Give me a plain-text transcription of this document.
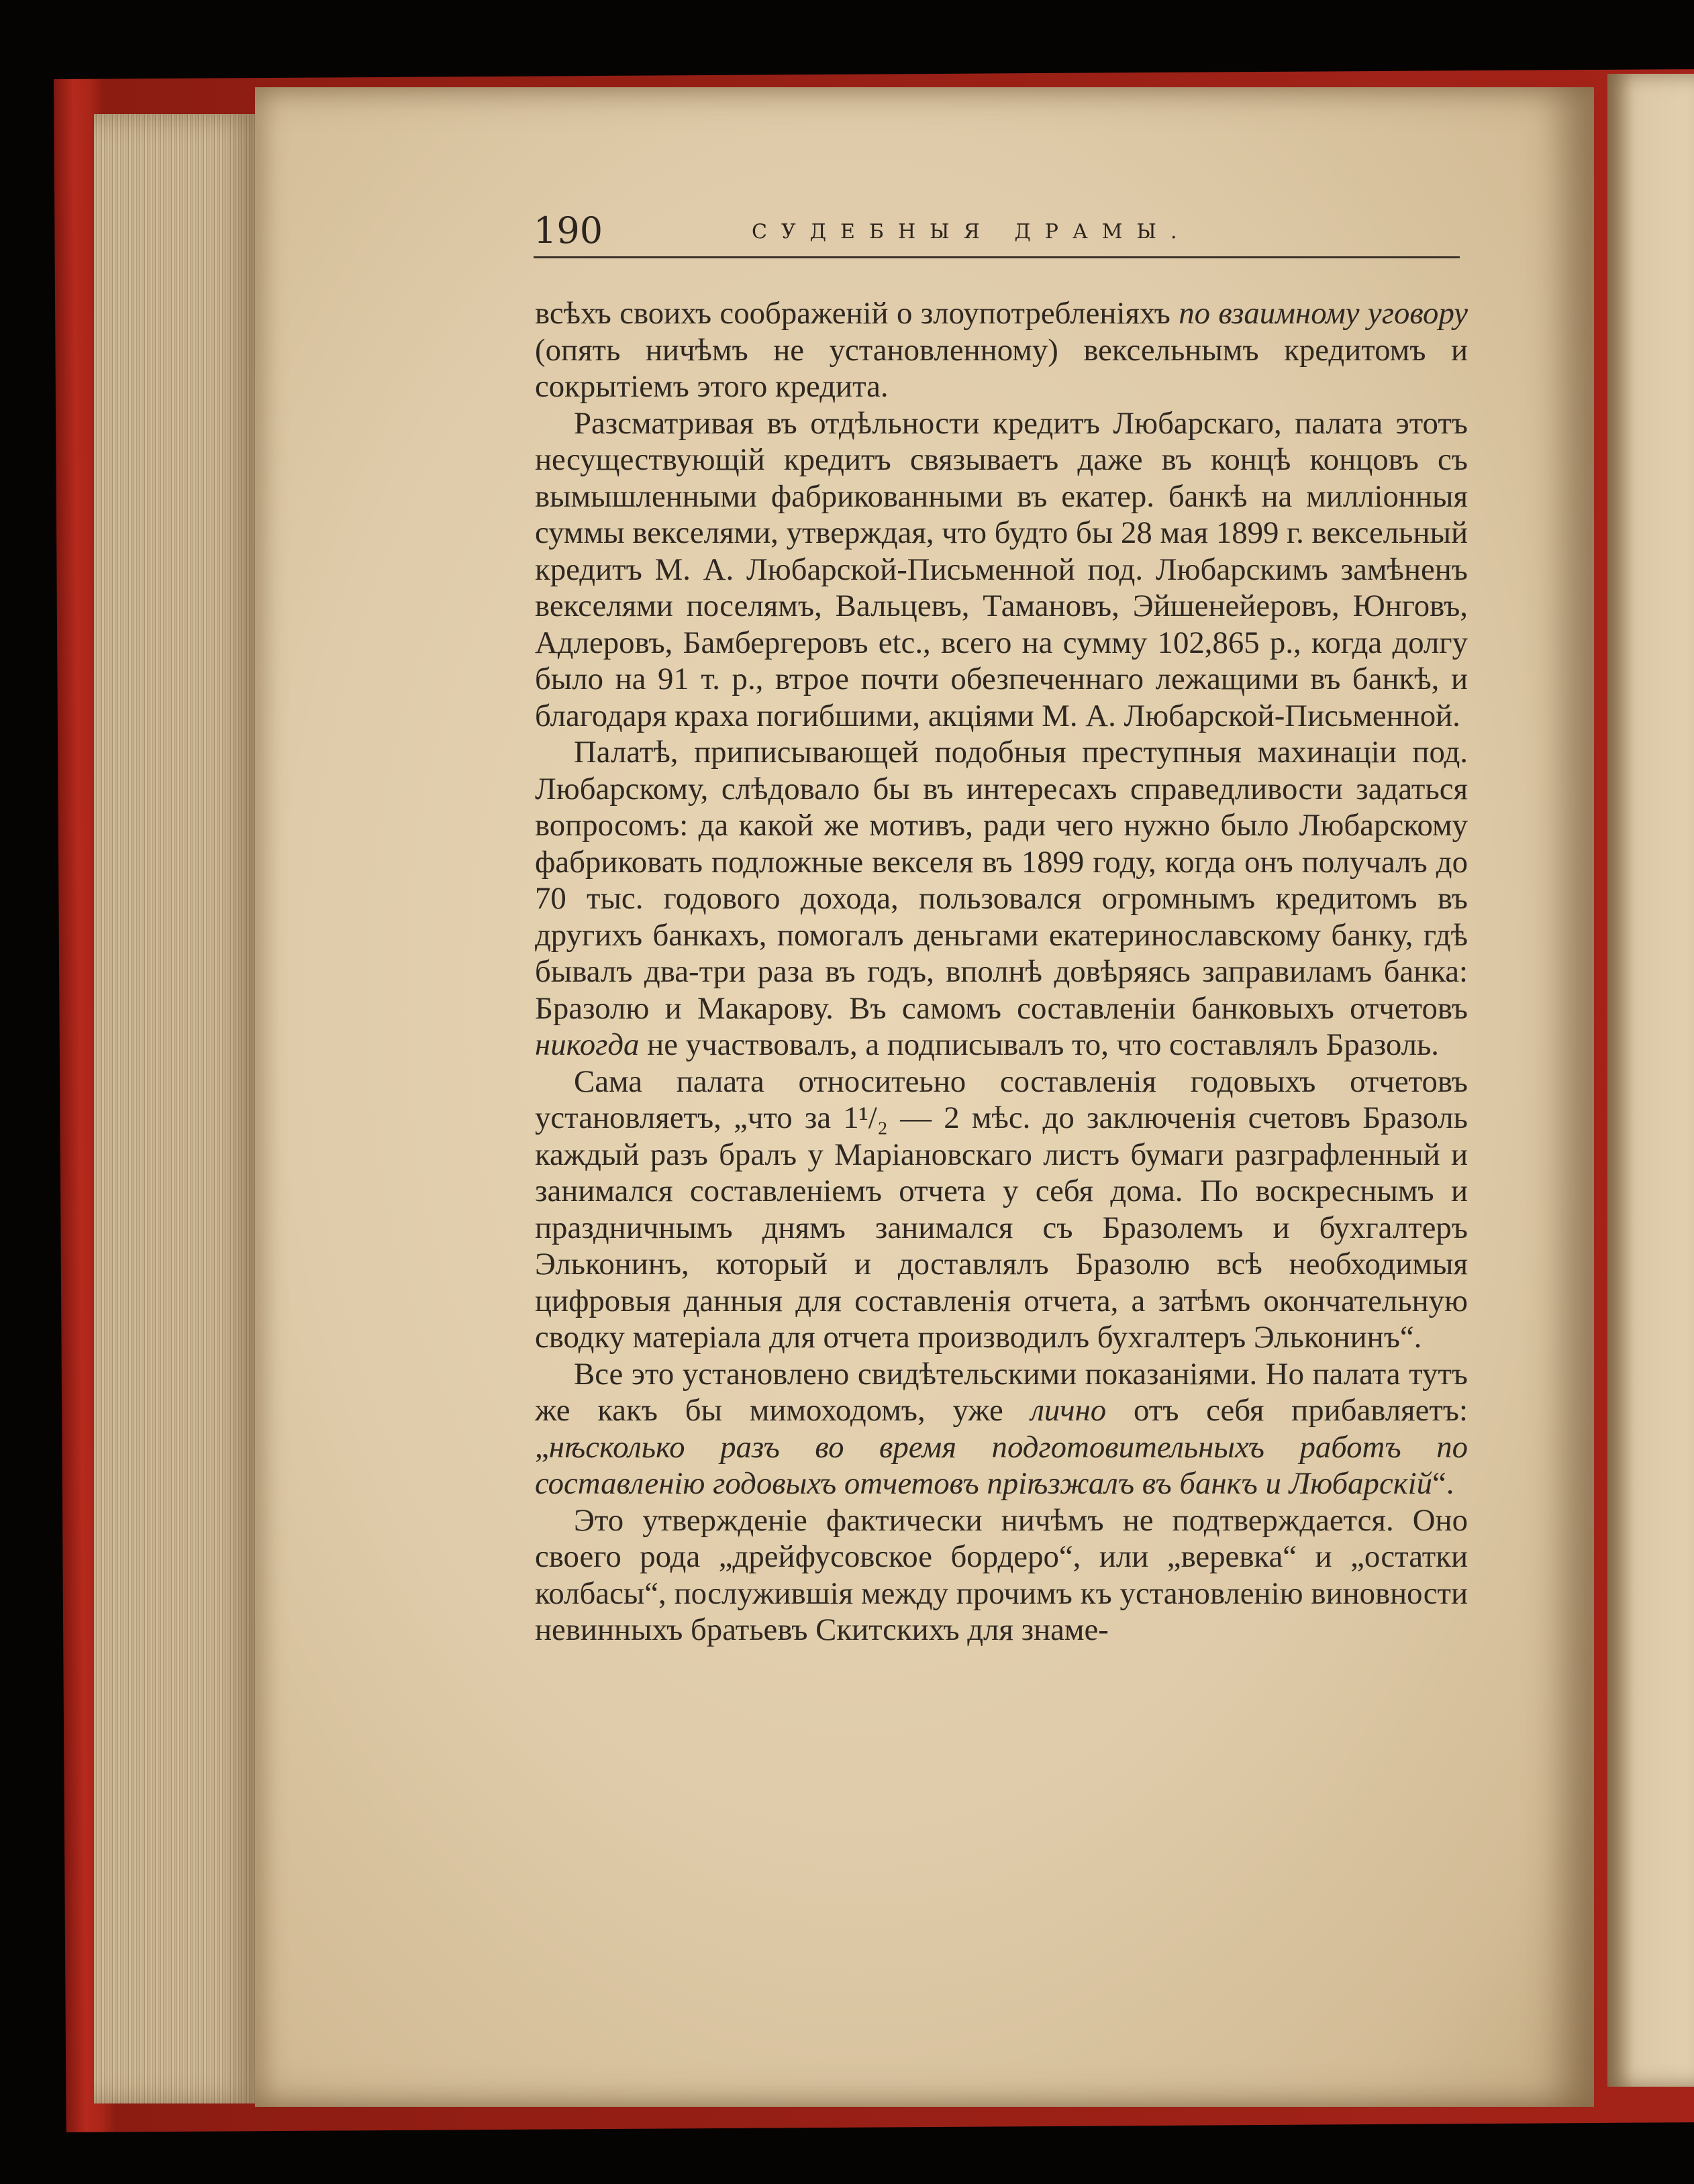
190	СУДЕБНЫЯ ДРАМЫ.

всѣхъ своихъ соображеній о злоупотребленіяхъ по взаимному уговору (опять ничѣмъ не установленному) вексельнымъ кредитомъ и сокрытіемъ этого кредита.

Разсматривая въ отдѣльности кредитъ Любарскаго, палата этотъ несуществующій кредитъ связываетъ даже въ концѣ концовъ съ вымышленными фабрикованными въ екатер. банкѣ на милліонныя суммы векселями, утверждая, что будто бы 28 мая 1899 г. вексельный кредитъ М. А. Любарской-Письменной под. Любарскимъ замѣненъ векселями поселямъ, Вальцевъ, Тамановъ, Эйшенейеровъ, Юнговъ, Адлеровъ, Бамбергеровъ etc., всего на сумму 102,865 р., когда долгу было на 91 т. р., втрое почти обезпеченнаго лежащими въ банкѣ, и благодаря краха погибшими, акціями М. А. Любарской-Письменной.

Палатѣ, приписывающей подобныя преступныя махинаціи под. Любарскому, слѣдовало бы въ интересахъ справедливости задаться вопросомъ: да какой же мотивъ, ради чего нужно было Любарскому фабриковать подложные векселя въ 1899 году, когда онъ получалъ до 70 тыс. годового дохода, пользовался огромнымъ кредитомъ въ другихъ банкахъ, помогалъ деньгами екатеринославскому банку, гдѣ бывалъ два-три раза въ годъ, вполнѣ довѣряясь заправиламъ банка: Бразолю и Макарову. Въ самомъ составленіи банковыхъ отчетовъ никогда не участвовалъ, а подписывалъ то, что составлялъ Бразоль.

Сама палата относитеьно составленія годовыхъ отчетовъ установляетъ, „что за 1¹/₂ — 2 мѣс. до заключенія счетовъ Бразоль каждый разъ бралъ у Маріановскаго листъ бумаги разграфленный и занимался составленіемъ отчета у себя дома. По воскреснымъ и праздничнымъ днямъ занимался съ Бразолемъ и бухгалтеръ Эльконинъ, который и доставлялъ Бразолю всѣ необходимыя цифровыя данныя для составленія отчета, а затѣмъ окончательную сводку матеріала для отчета производилъ бухгалтеръ Эльконинъ“.

Все это установлено свидѣтельскими показаніями. Но палата тутъ же какъ бы мимоходомъ, уже лично отъ себя прибавляетъ: „нѣсколько разъ во время подготовительныхъ работъ по составленію годовыхъ отчетовъ пріѣзжалъ въ банкъ и Любарскій“.

Это утвержденіе фактически ничѣмъ не подтверждается. Оно своего рода „дрейфусовское бордеро“, или „веревка“ и „остатки колбасы“, послужившія между прочимъ къ установленію виновности невинныхъ братьевъ Скитскихъ для знаме-
